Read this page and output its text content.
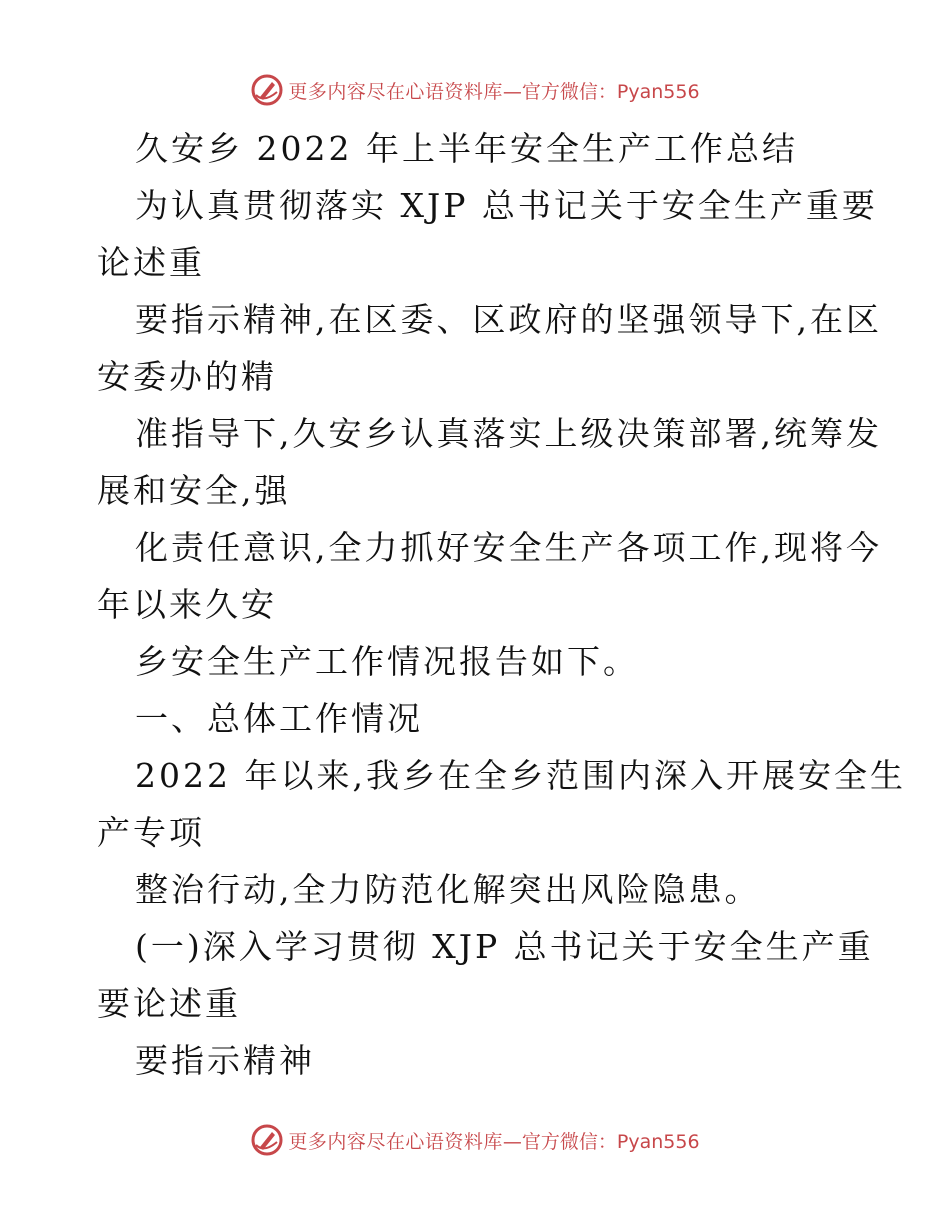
更多内容尽在心语资料库 —官方微信：Pyan556
久安乡 2022 年上半年安全生产工作总结
为认真贯彻落实 XJP 总书记关于安全生产重要
论述重
要指示精神,在区委、区政府的坚强领导下,在区
安委办的精
准指导下,久安乡认真落实上级决策部署,统筹发
展和安全,强
化责任意识,全力抓好安全生产各项工作,现将今
年以来久安
乡安全生产工作情况报告如下。
一、总体工作情况
2022 年以来,我乡在全乡范围内深入开展安全生
产专项
整治行动,全力防范化解突出风险隐患。
(一)深入学习贯彻 XJP 总书记关于安全生产重
要论述重
要指示精神
更多内容尽在心语资料库 —官方微信：Pyan556
